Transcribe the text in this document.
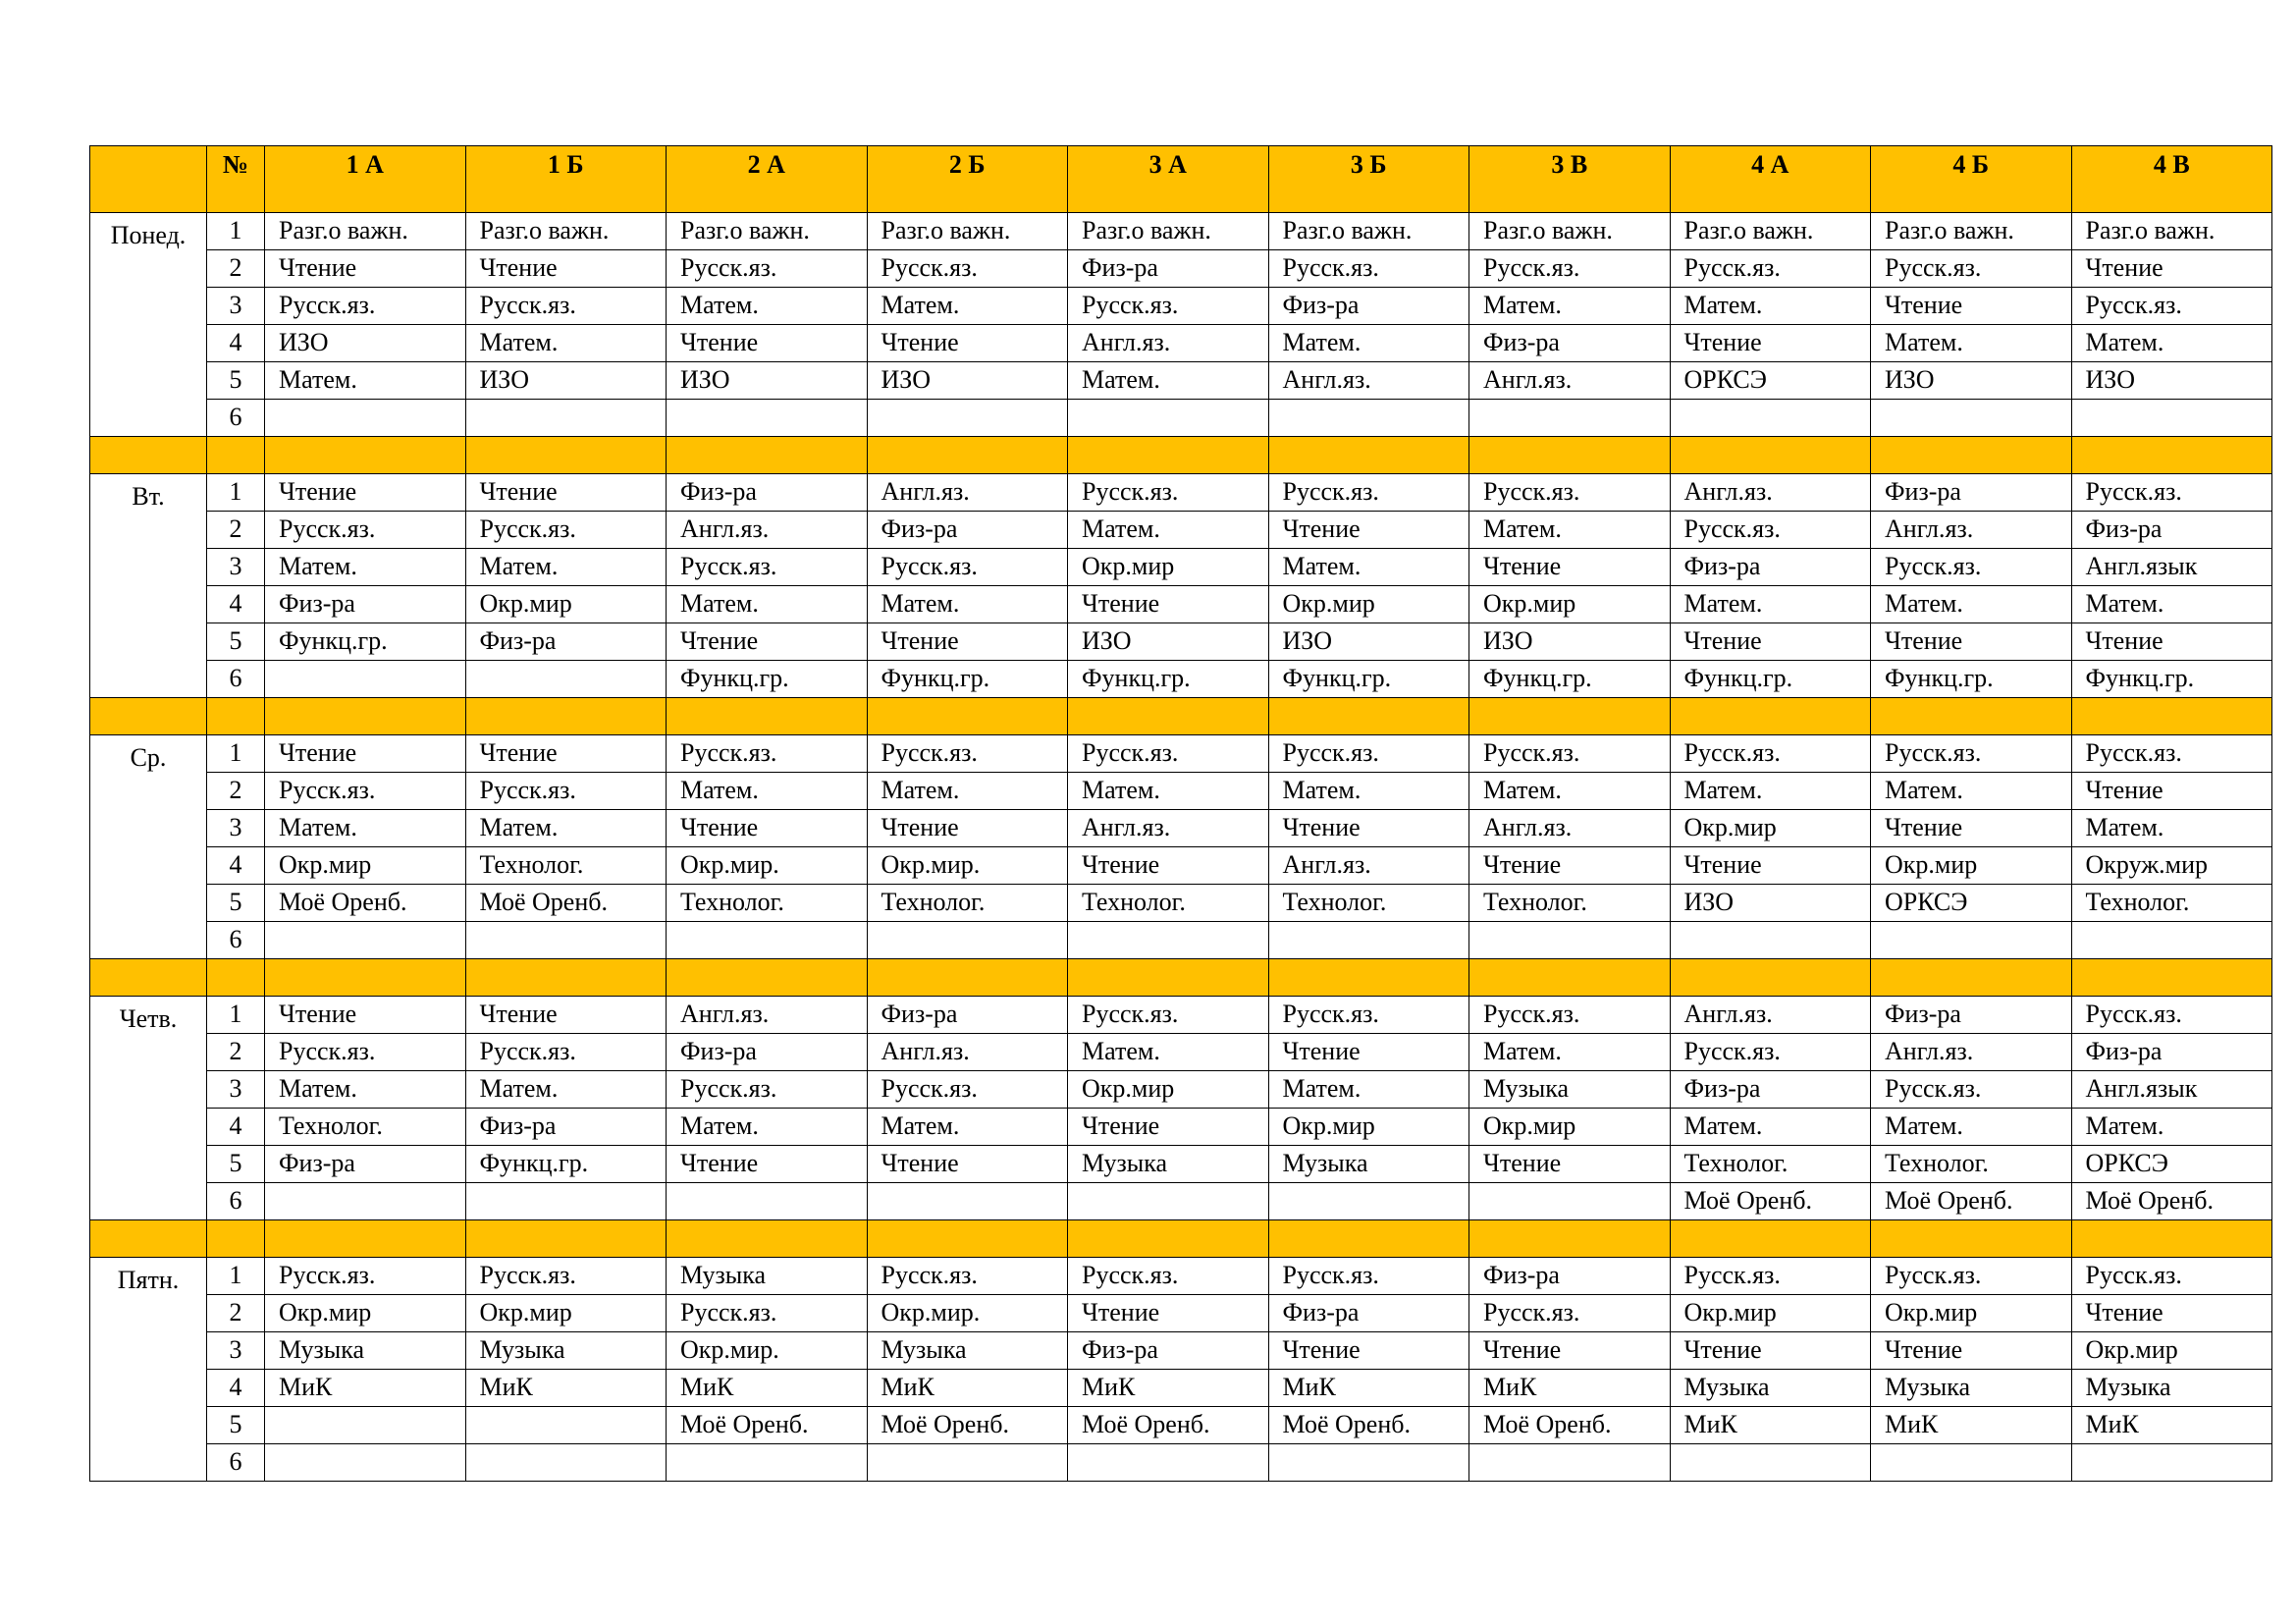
	№	1 А	1 Б	2 А	2 Б	3 А	3 Б	3 В	4 А	4 Б	4 В
Понед.	1	Разг.о важн.	Разг.о важн.	Разг.о важн.	Разг.о важн.	Разг.о важн.	Разг.о важн.	Разг.о важн.	Разг.о важн.	Разг.о важн.	Разг.о важн.
	2	Чтение	Чтение	Русск.яз.	Русск.яз.	Физ-ра	Русск.яз.	Русск.яз.	Русск.яз.	Русск.яз.	Чтение
	3	Русск.яз.	Русск.яз.	Матем.	Матем.	Русск.яз.	Физ-ра	Матем.	Матем.	Чтение	Русск.яз.
	4	ИЗО	Матем.	Чтение	Чтение	Англ.яз.	Матем.	Физ-ра	Чтение	Матем.	Матем.
	5	Матем.	ИЗО	ИЗО	ИЗО	Матем.	Англ.яз.	Англ.яз.	ОРКСЭ	ИЗО	ИЗО
	6										

Вт.	1	Чтение	Чтение	Физ-ра	Англ.яз.	Русск.яз.	Русск.яз.	Русск.яз.	Англ.яз.	Физ-ра	Русск.яз.
	2	Русск.яз.	Русск.яз.	Англ.яз.	Физ-ра	Матем.	Чтение	Матем.	Русск.яз.	Англ.яз.	Физ-ра
	3	Матем.	Матем.	Русск.яз.	Русск.яз.	Окр.мир	Матем.	Чтение	Физ-ра	Русск.яз.	Англ.язык
	4	Физ-ра	Окр.мир	Матем.	Матем.	Чтение	Окр.мир	Окр.мир	Матем.	Матем.	Матем.
	5	Функц.гр.	Физ-ра	Чтение	Чтение	ИЗО	ИЗО	ИЗО	Чтение	Чтение	Чтение
	6			Функц.гр.	Функц.гр.	Функц.гр.	Функц.гр.	Функц.гр.	Функц.гр.	Функц.гр.	Функц.гр.

Ср.	1	Чтение	Чтение	Русск.яз.	Русск.яз.	Русск.яз.	Русск.яз.	Русск.яз.	Русск.яз.	Русск.яз.	Русск.яз.
	2	Русск.яз.	Русск.яз.	Матем.	Матем.	Матем.	Матем.	Матем.	Матем.	Матем.	Чтение
	3	Матем.	Матем.	Чтение	Чтение	Англ.яз.	Чтение	Англ.яз.	Окр.мир	Чтение	Матем.
	4	Окр.мир	Технолог.	Окр.мир.	Окр.мир.	Чтение	Англ.яз.	Чтение	Чтение	Окр.мир	Окруж.мир
	5	Моё Оренб.	Моё Оренб.	Технолог.	Технолог.	Технолог.	Технолог.	Технолог.	ИЗО	ОРКСЭ	Технолог.
	6										

Четв.	1	Чтение	Чтение	Англ.яз.	Физ-ра	Русск.яз.	Русск.яз.	Русск.яз.	Англ.яз.	Физ-ра	Русск.яз.
	2	Русск.яз.	Русск.яз.	Физ-ра	Англ.яз.	Матем.	Чтение	Матем.	Русск.яз.	Англ.яз.	Физ-ра
	3	Матем.	Матем.	Русск.яз.	Русск.яз.	Окр.мир	Матем.	Музыка	Физ-ра	Русск.яз.	Англ.язык
	4	Технолог.	Физ-ра	Матем.	Матем.	Чтение	Окр.мир	Окр.мир	Матем.	Матем.	Матем.
	5	Физ-ра	Функц.гр.	Чтение	Чтение	Музыка	Музыка	Чтение	Технолог.	Технолог.	ОРКСЭ
	6								Моё Оренб.	Моё Оренб.	Моё Оренб.

Пятн.	1	Русск.яз.	Русск.яз.	Музыка	Русск.яз.	Русск.яз.	Русск.яз.	Физ-ра	Русск.яз.	Русск.яз.	Русск.яз.
	2	Окр.мир	Окр.мир	Русск.яз.	Окр.мир.	Чтение	Физ-ра	Русск.яз.	Окр.мир	Окр.мир	Чтение
	3	Музыка	Музыка	Окр.мир.	Музыка	Физ-ра	Чтение	Чтение	Чтение	Чтение	Окр.мир
	4	МиК	МиК	МиК	МиК	МиК	МиК	МиК	Музыка	Музыка	Музыка
	5			Моё Оренб.	Моё Оренб.	Моё Оренб.	Моё Оренб.	Моё Оренб.	МиК	МиК	МиК
	6										
